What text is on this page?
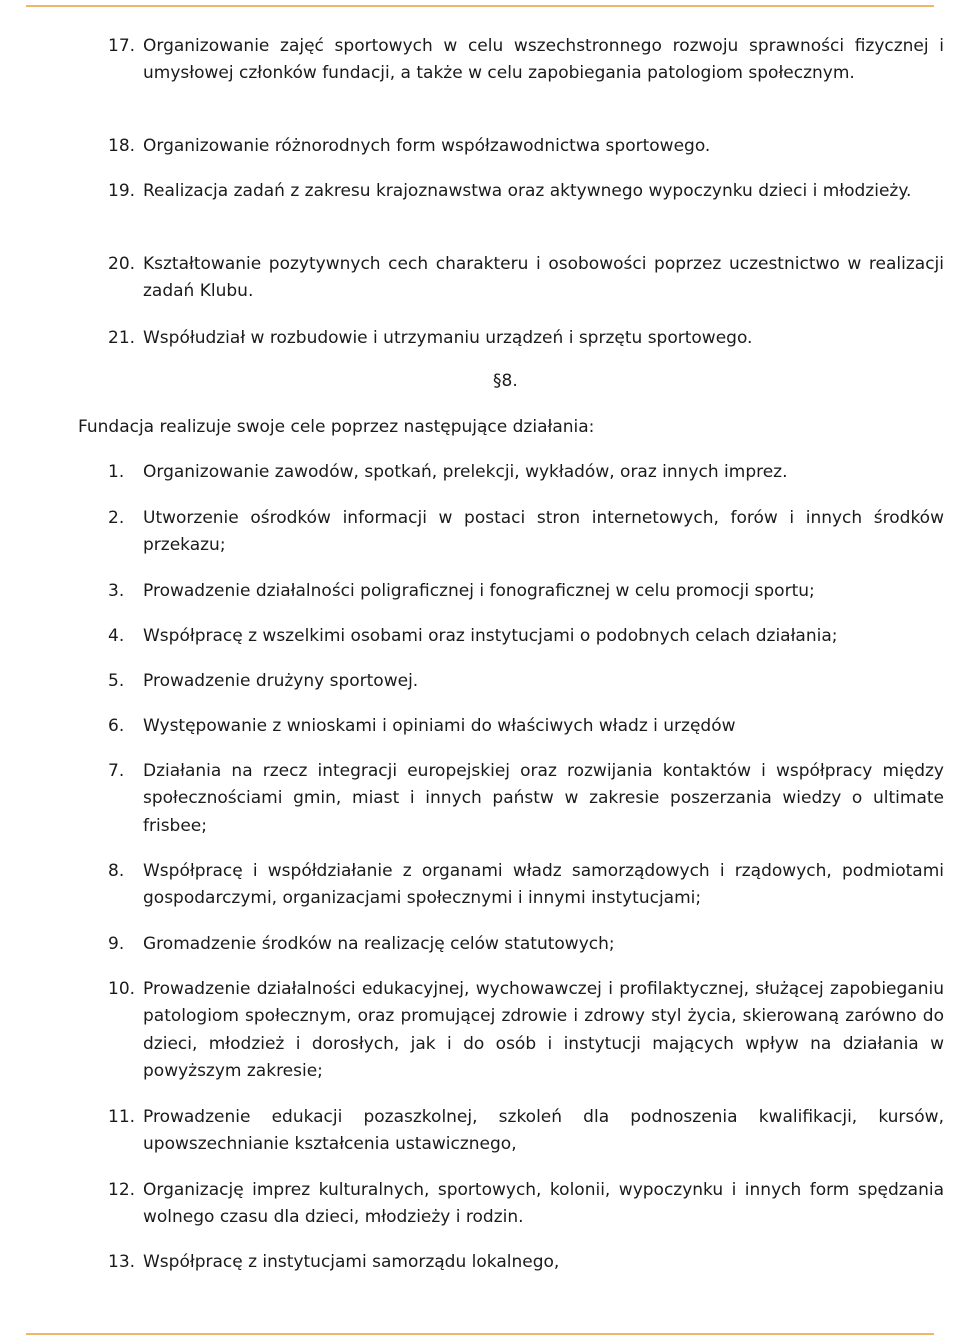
17. Organizowanie zajęć sportowych w celu wszechstronnego rozwoju sprawności fizycznej i umysłowej członków fundacji, a także w celu zapobiegania patologiom społecznym.
18. Organizowanie różnorodnych form współzawodnictwa sportowego.
19. Realizacja zadań z zakresu krajoznawstwa oraz aktywnego wypoczynku dzieci i młodzieży.
20. Kształtowanie pozytywnych cech charakteru i osobowości poprzez uczestnictwo w realizacji zadań Klubu.
21. Współudział w rozbudowie i utrzymaniu urządzeń i sprzętu sportowego.
§8.
Fundacja realizuje swoje cele poprzez następujące działania:
1. Organizowanie zawodów, spotkań, prelekcji, wykładów, oraz innych imprez.
2. Utworzenie ośrodków informacji w postaci stron internetowych, forów i innych środków przekazu;
3. Prowadzenie działalności poligraficznej i fonograficznej w celu promocji sportu;
4. Współpracę z wszelkimi osobami oraz instytucjami o podobnych celach działania;
5. Prowadzenie drużyny sportowej.
6. Występowanie z wnioskami i opiniami do właściwych władz i urzędów
7. Działania na rzecz integracji europejskiej oraz rozwijania kontaktów i współpracy między społecznościami gmin, miast i innych państw w zakresie poszerzania wiedzy o ultimate frisbee;
8. Współpracę i współdziałanie z organami władz samorządowych i rządowych, podmiotami gospodarczymi, organizacjami społecznymi i innymi instytucjami;
9. Gromadzenie środków na realizację celów statutowych;
10. Prowadzenie działalności edukacyjnej, wychowawczej i profilaktycznej, służącej zapobieganiu patologiom społecznym, oraz promującej zdrowie i zdrowy styl życia, skierowaną zarówno do dzieci, młodzież i dorosłych, jak i do osób i instytucji mających wpływ na działania w powyższym zakresie;
11. Prowadzenie edukacji pozaszkolnej, szkoleń dla podnoszenia kwalifikacji, kursów, upowszechnianie kształcenia ustawicznego,
12. Organizację imprez kulturalnych, sportowych, kolonii, wypoczynku i innych form spędzania wolnego czasu dla dzieci, młodzieży i rodzin.
13. Współpracę z instytucjami samorządu lokalnego,
